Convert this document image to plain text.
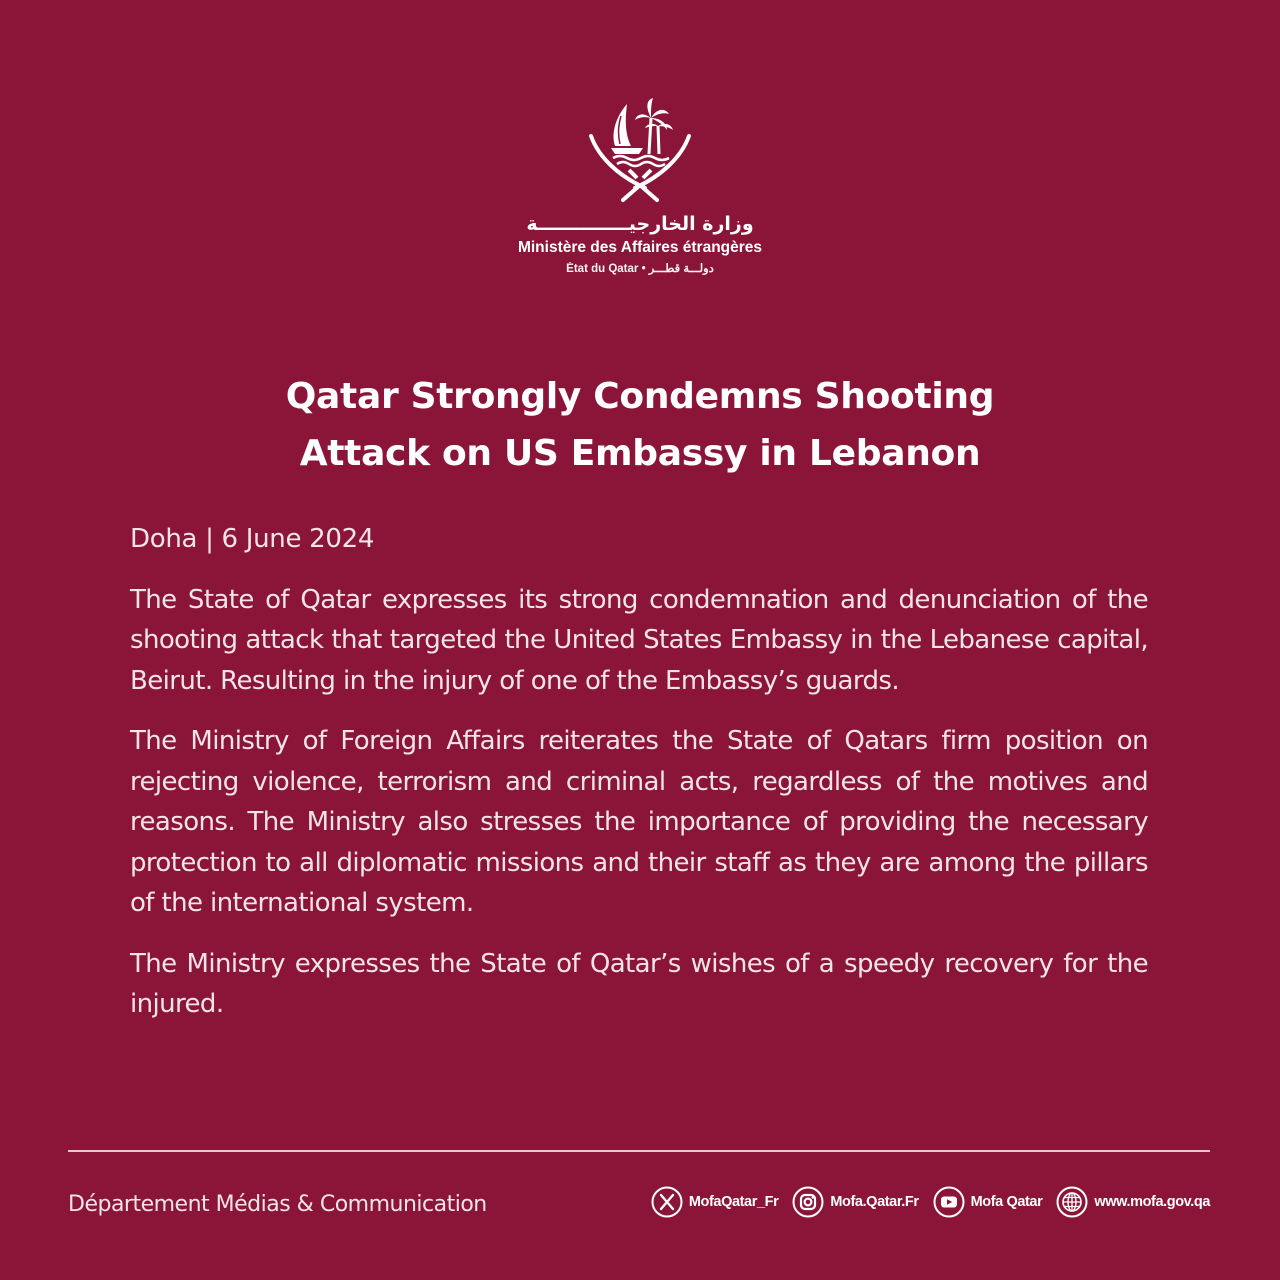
وزارة الخارجيــــــــــــــة
Ministère des Affaires étrangères
État du Qatar • دولـــة قطـــر
Qatar Strongly Condemns Shooting
Attack on US Embassy in Lebanon
Doha | 6 June 2024

The State of Qatar expresses its strong condemnation and denunciation of the shooting attack that targeted the United States Embassy in the Lebanese capital, Beirut. Resulting in the injury of one of the Embassy’s guards.

The Ministry of Foreign Affairs reiterates the State of Qatars firm position on rejecting violence, terrorism and criminal acts, regardless of the motives and reasons. The Ministry also stresses the importance of providing the necessary protection to all diplomatic missions and their staff as they are among the pillars of the international system.

The Ministry expresses the State of Qatar’s wishes of a speedy recovery for the injured.

Département Médias & Communication	MofaQatar_Fr	Mofa.Qatar.Fr	Mofa Qatar	www.mofa.gov.qa
